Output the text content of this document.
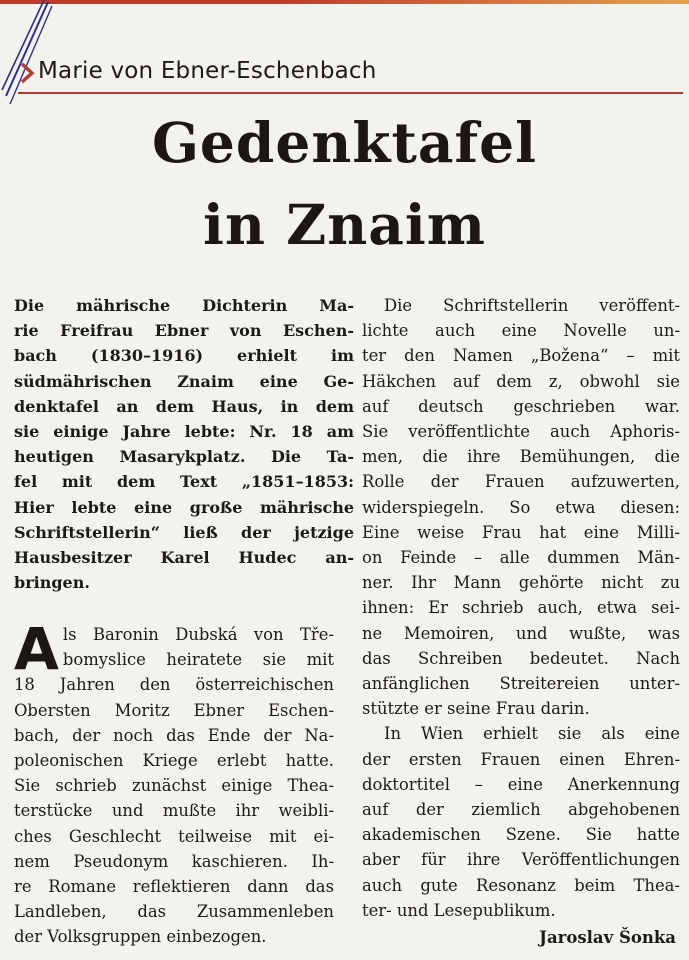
Marie von Ebner-Eschenbach
Gedenktafel
in Znaim
Die mährische Dichterin Ma-
rie Freifrau Ebner von Eschen-
bach (1830–1916) erhielt im
südmährischen Znaim eine Ge-
denktafel an dem Haus, in dem
sie einige Jahre lebte: Nr. 18 am
heutigen Masarykplatz. Die Ta-
fel mit dem Text „1851–1853:
Hier lebte eine große mährische
Schriftstellerin“ ließ der jetzige
Hausbesitzer Karel Hudec an-
bringen.
A ls Baronin Dubská von Tře-
bomyslice heiratete sie mit
18 Jahren den österreichischen
Obersten Moritz Ebner Eschen-
bach, der noch das Ende der Na-
poleonischen Kriege erlebt hatte.
Sie schrieb zunächst einige Thea-
terstücke und mußte ihr weibli-
ches Geschlecht teilweise mit ei-
nem Pseudonym kaschieren. Ih-
re Romane reflektieren dann das
Landleben, das Zusammenleben
der Volksgruppen einbezogen.
Die Schriftstellerin veröffent-
lichte auch eine Novelle un-
ter den Namen „Božena“ – mit
Häkchen auf dem z, obwohl sie
auf deutsch geschrieben war.
Sie veröffentlichte auch Aphoris-
men, die ihre Bemühungen, die
Rolle der Frauen aufzuwerten,
widerspiegeln. So etwa diesen:
Eine weise Frau hat eine Milli-
on Feinde – alle dummen Män-
ner. Ihr Mann gehörte nicht zu
ihnen: Er schrieb auch, etwa sei-
ne Memoiren, und wußte, was
das Schreiben bedeutet. Nach
anfänglichen Streitereien unter-
stützte er seine Frau darin.
In Wien erhielt sie als eine
der ersten Frauen einen Ehren-
doktortitel – eine Anerkennung
auf der ziemlich abgehobenen
akademischen Szene. Sie hatte
aber für ihre Veröffentlichungen
auch gute Resonanz beim Thea-
ter- und Lesepublikum.
Jaroslav Šonka
